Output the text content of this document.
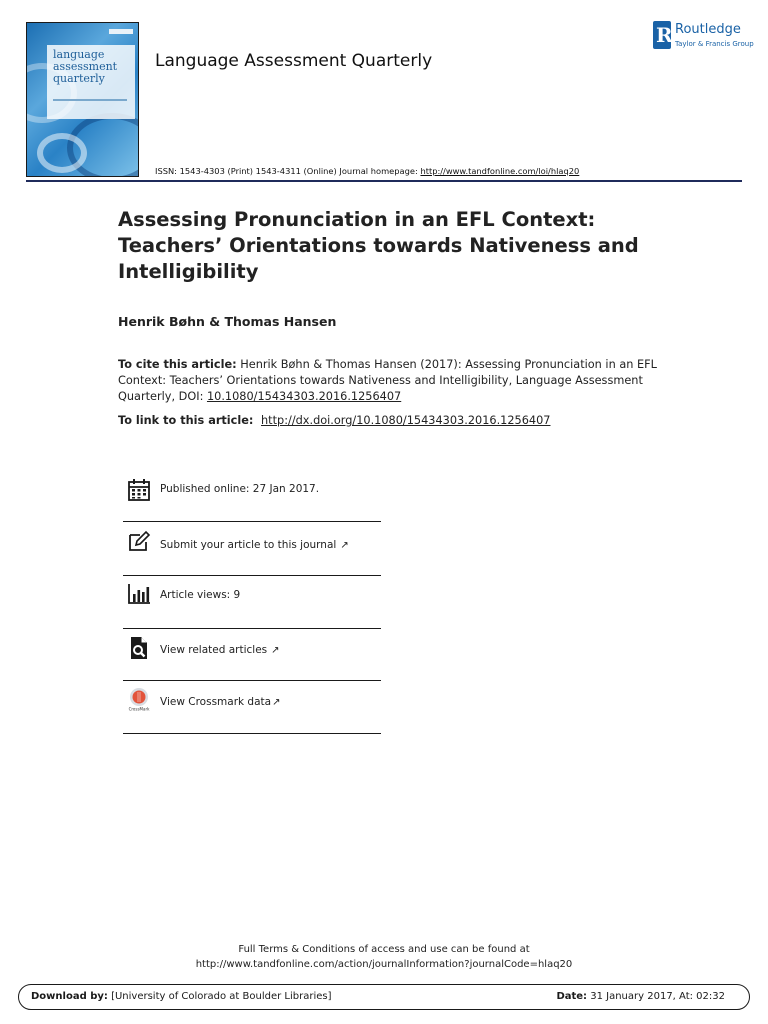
language
assessment
quarterly
Language Assessment Quarterly
R Routledge
Taylor & Francis Group
ISSN: 1543-4303 (Print) 1543-4311 (Online) Journal homepage: http://www.tandfonline.com/loi/hlaq20
Assessing Pronunciation in an EFL Context: Teachers’ Orientations towards Nativeness and Intelligibility
Henrik Bøhn & Thomas Hansen
To cite this article: Henrik Bøhn & Thomas Hansen (2017): Assessing Pronunciation in an EFL Context: Teachers’ Orientations towards Nativeness and Intelligibility, Language Assessment Quarterly, DOI: 10.1080/15434303.2016.1256407
To link to this article: http://dx.doi.org/10.1080/15434303.2016.1256407
Published online: 27 Jan 2017.
Submit your article to this journal ↗
Article views: 9
View related articles ↗
CrossMark
View Crossmark data↗
Full Terms & Conditions of access and use can be found at
http://www.tandfonline.com/action/journalInformation?journalCode=hlaq20
Download by: [University of Colorado at Boulder Libraries]	Date: 31 January 2017, At: 02:32
